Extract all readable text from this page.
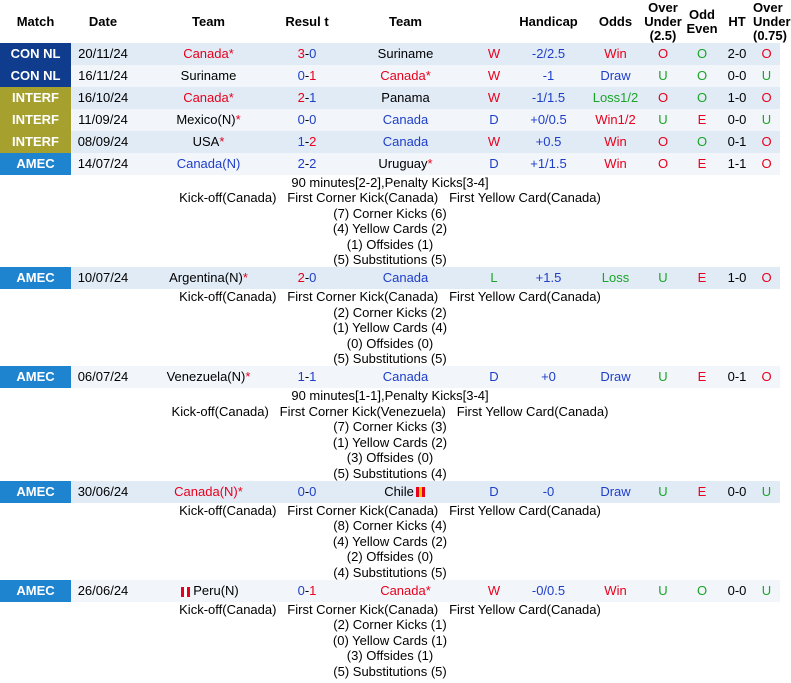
Match	Date	Team	Resul t	Team		Handicap	Odds	Over Under (2.5)	Odd Even	HT	Over Under (0.75)
CON NL	20/11/24	Canada*	3-0	Suriname	W	-2/2.5	Win	O	O	2-0	O
CON NL	16/11/24	Suriname	0-1	Canada*	W	-1	Draw	U	O	0-0	U
INTERF	16/10/24	Canada*	2-1	Panama	W	-1/1.5	Loss1/2	O	O	1-0	O
INTERF	11/09/24	Mexico(N)*	0-0	Canada	D	+0/0.5	Win1/2	U	E	0-0	U
INTERF	08/09/24	USA*	1-2	Canada	W	+0.5	Win	O	O	0-1	O
AMEC	14/07/24	Canada(N)	2-2	Uruguay*	D	+1/1.5	Win	O	E	1-1	O
90 minutes[2-2],Penalty Kicks[3-4]											
Kick-off(Canada)   First Corner Kick(Canada)   First Yellow Card(Canada)											
(7) Corner Kicks (6)											
(4) Yellow Cards (2)											
(1) Offsides (1)											
(5) Substitutions (5)											
AMEC	10/07/24	Argentina(N)*	2-0	Canada	L	+1.5	Loss	U	E	1-0	O
Kick-off(Canada)   First Corner Kick(Canada)   First Yellow Card(Canada)											
(2) Corner Kicks (2)											
(1) Yellow Cards (4)											
(0) Offsides (0)											
(5) Substitutions (5)											
AMEC	06/07/24	Venezuela(N)*	1-1	Canada	D	+0	Draw	U	E	0-1	O
90 minutes[1-1],Penalty Kicks[3-4]											
Kick-off(Canada)   First Corner Kick(Venezuela)   First Yellow Card(Canada)											
(7) Corner Kicks (3)											
(1) Yellow Cards (2)											
(3) Offsides (0)											
(5) Substitutions (4)											
AMEC	30/06/24	Canada(N)*	0-0	Chile	D	-0	Draw	U	E	0-0	U
Kick-off(Canada)   First Corner Kick(Canada)   First Yellow Card(Canada)											
(8) Corner Kicks (4)											
(4) Yellow Cards (2)											
(2) Offsides (0)											
(4) Substitutions (5)											
AMEC	26/06/24	Peru(N)	0-1	Canada*	W	-0/0.5	Win	U	O	0-0	U
Kick-off(Canada)   First Corner Kick(Canada)   First Yellow Card(Canada)											
(2) Corner Kicks (1)											
(0) Yellow Cards (1)											
(3) Offsides (1)											
(5) Substitutions (5)											
